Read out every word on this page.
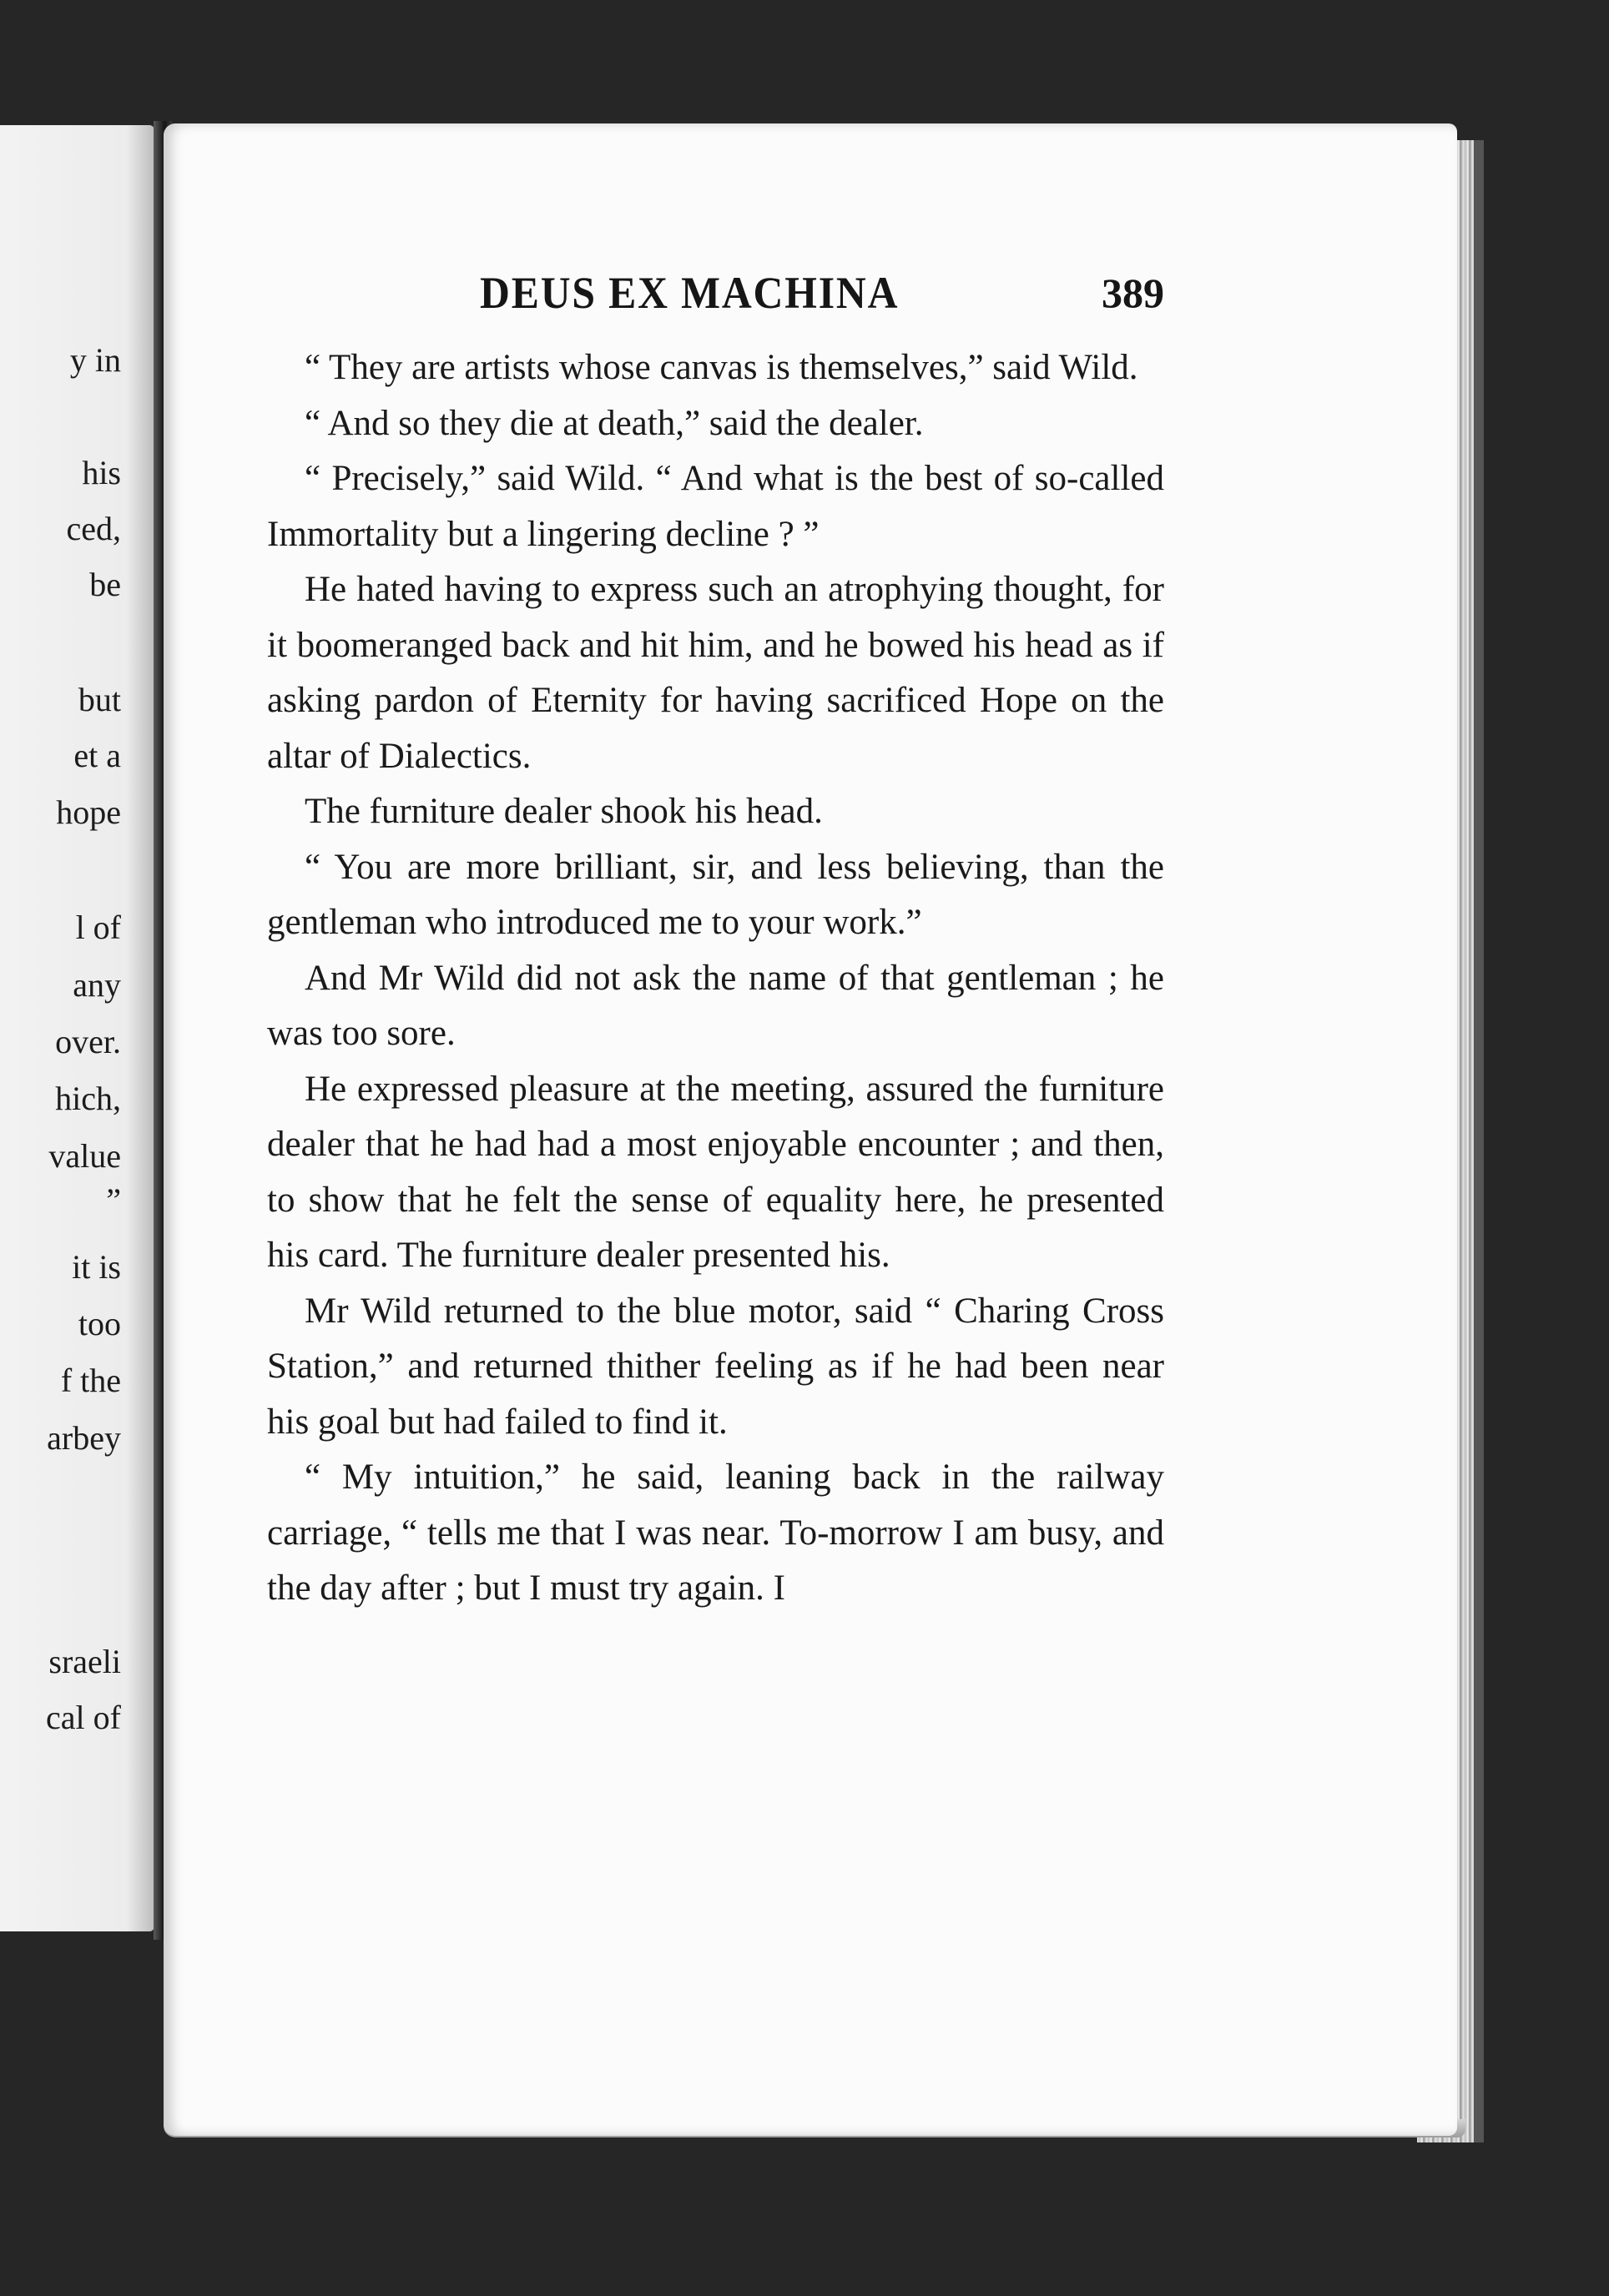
y in
his
ced,
be
but
et a
hope
l of
any
over.
hich,
value
”
it is
too
f the
arbey
sraeli
cal of
DEUS EX MACHINA	389

“ They are artists whose canvas is themselves,” said Wild.

“ And so they die at death,” said the dealer.

“ Precisely,” said Wild. “ And what is the best of so-called Immortality but a lingering decline ? ”

He hated having to express such an atrophying thought, for it boomeranged back and hit him, and he bowed his head as if asking pardon of Eternity for having sacrificed Hope on the altar of Dialectics.

The furniture dealer shook his head.

“ You are more brilliant, sir, and less believing, than the gentleman who introduced me to your work.”

And Mr Wild did not ask the name of that gentleman ; he was too sore.

He expressed pleasure at the meeting, assured the furniture dealer that he had had a most enjoyable encounter ; and then, to show that he felt the sense of equality here, he presented his card. The furniture dealer presented his.

Mr Wild returned to the blue motor, said “ Charing Cross Station,” and returned thither feeling as if he had been near his goal but had failed to find it.

“ My intuition,” he said, leaning back in the railway carriage, “ tells me that I was near. To-morrow I am busy, and the day after ; but I must try again. I
